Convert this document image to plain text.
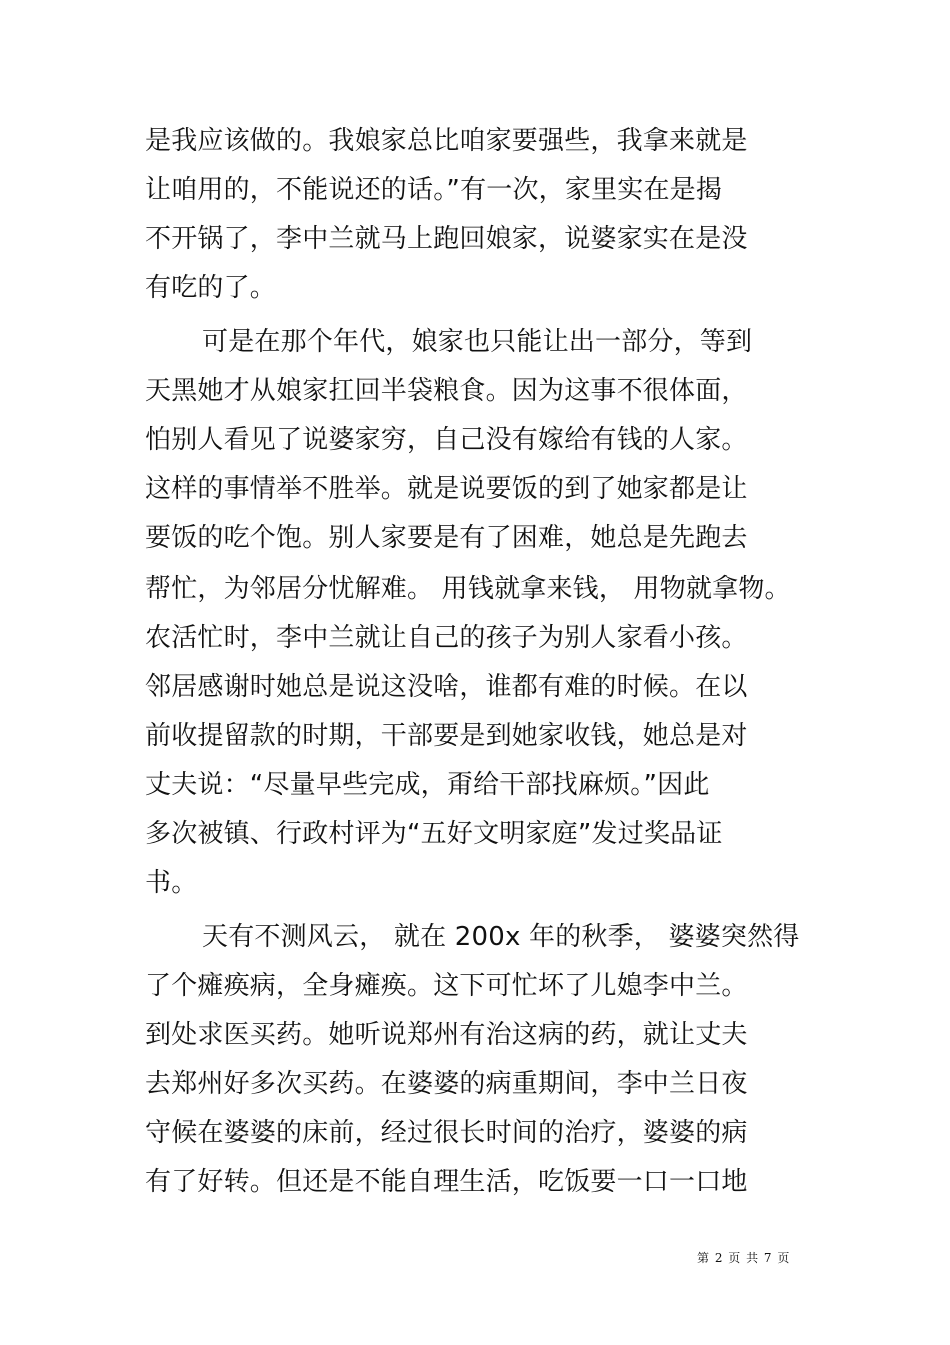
是我应该做的。我娘家总比咱家要强些，我拿来就是
让咱用的，不能说还的话。”有一次，家里实在是揭
不开锅了，李中兰就马上跑回娘家，说婆家实在是没
有吃的了。
可是在那个年代，娘家也只能让出一部分，等到
天黑她才从娘家扛回半袋粮食。因为这事不很体面，
怕别人看见了说婆家穷，自己没有嫁给有钱的人家。
这样的事情举不胜举。就是说要饭的到了她家都是让
要饭的吃个饱。别人家要是有了困难，她总是先跑去
帮忙，为邻居分忧解难。 用钱就拿来钱， 用物就拿物。
农活忙时，李中兰就让自己的孩子为别人家看小孩。
邻居感谢时她总是说这没啥，谁都有难的时候。在以
前收提留款的时期，干部要是到她家收钱，她总是对
丈夫说：“尽量早些完成，甭给干部找麻烦。”因此
多次被镇、行政村评为“五好文明家庭”发过奖品证
书。
天有不测风云， 就在 200x 年的秋季， 婆婆突然得
了个瘫痪病，全身瘫痪。这下可忙坏了儿媳李中兰。
到处求医买药。她听说郑州有治这病的药，就让丈夫
去郑州好多次买药。在婆婆的病重期间，李中兰日夜
守候在婆婆的床前，经过很长时间的治疗，婆婆的病
有了好转。但还是不能自理生活，吃饭要一口一口地
第 2 页 共 7 页
